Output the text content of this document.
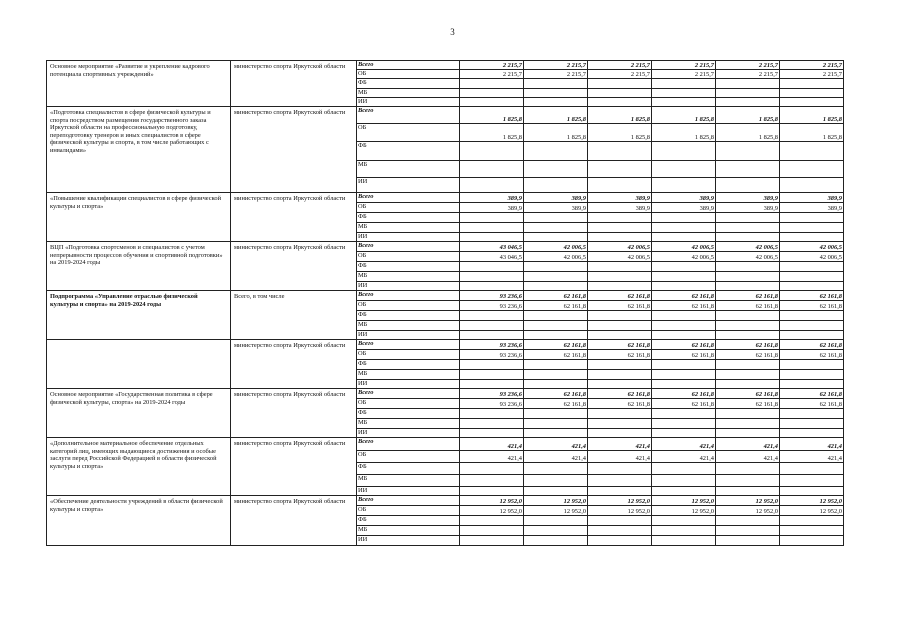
3
Основное мероприятие «Развитие и укрепление кадрового потенциала спортивных учреждений»	министерство спорта Иркутской области	Всего	2 215,7	2 215,7	2 215,7	2 215,7	2 215,7	2 215,7
		ОБ	2 215,7	2 215,7	2 215,7	2 215,7	2 215,7	2 215,7
		ФБ						
		МБ						
		ИИ						
«Подготовка специалистов в сфере физической культуры и спорта посредством размещения государственного заказа Иркутской области на профессиональную подготовку, переподготовку тренеров и иных специалистов в сфере физической культуры и спорта, в том числе работающих с инвалидами»	министерство спорта Иркутской области	Всего	1 825,8	1 825,8	1 825,8	1 825,8	1 825,8	1 825,8
		ОБ	1 825,8	1 825,8	1 825,8	1 825,8	1 825,8	1 825,8
		ФБ						
		МБ						
		ИИ						
«Повышение квалификации специалистов в сфере физической культуры и спорта»	министерство спорта Иркутской области	Всего	389,9	389,9	389,9	389,9	389,9	389,9
		ОБ	389,9	389,9	389,9	389,9	389,9	389,9
		ФБ						
		МБ						
		ИИ						
ВЦП «Подготовка спортсменов и специалистов с учетом непрерывности процессов обучения и спортивной подготовки» на 2019-2024 годы	министерство спорта Иркутской области	Всего	43 046,5	42 006,5	42 006,5	42 006,5	42 006,5	42 006,5
		ОБ	43 046,5	42 006,5	42 006,5	42 006,5	42 006,5	42 006,5
		ФБ						
		МБ						
		ИИ						
Подпрограмма «Управление отраслью физической культуры и спорта» на 2019-2024 годы	Всего, в том числе	Всего	93 236,6	62 161,8	62 161,8	62 161,8	62 161,8	62 161,8
		ОБ	93 236,6	62 161,8	62 161,8	62 161,8	62 161,8	62 161,8
		ФБ						
		МБ						
		ИИ						
	министерство спорта Иркутской области	Всего	93 236,6	62 161,8	62 161,8	62 161,8	62 161,8	62 161,8
		ОБ	93 236,6	62 161,8	62 161,8	62 161,8	62 161,8	62 161,8
		ФБ						
		МБ						
		ИИ						
Основное мероприятие «Государственная политика в сфере физической культуры, спорта» на 2019-2024 годы	министерство спорта Иркутской области	Всего	93 236,6	62 161,8	62 161,8	62 161,8	62 161,8	62 161,8
		ОБ	93 236,6	62 161,8	62 161,8	62 161,8	62 161,8	62 161,8
		ФБ						
		МБ						
		ИИ						
«Дополнительное материальное обеспечение отдельных категорий лиц, имеющих выдающиеся достижения и особые заслуги перед Российской Федерацией в области физической культуры и спорта»	министерство спорта Иркутской области	Всего	421,4	421,4	421,4	421,4	421,4	421,4
		ОБ	421,4	421,4	421,4	421,4	421,4	421,4
		ФБ						
		МБ						
		ИИ						
«Обеспечение деятельности учреждений в области физической культуры и спорта»	министерство спорта Иркутской области	Всего	12 952,0	12 952,0	12 952,0	12 952,0	12 952,0	12 952,0
		ОБ	12 952,0	12 952,0	12 952,0	12 952,0	12 952,0	12 952,0
		ФБ						
		МБ						
		ИИ						
